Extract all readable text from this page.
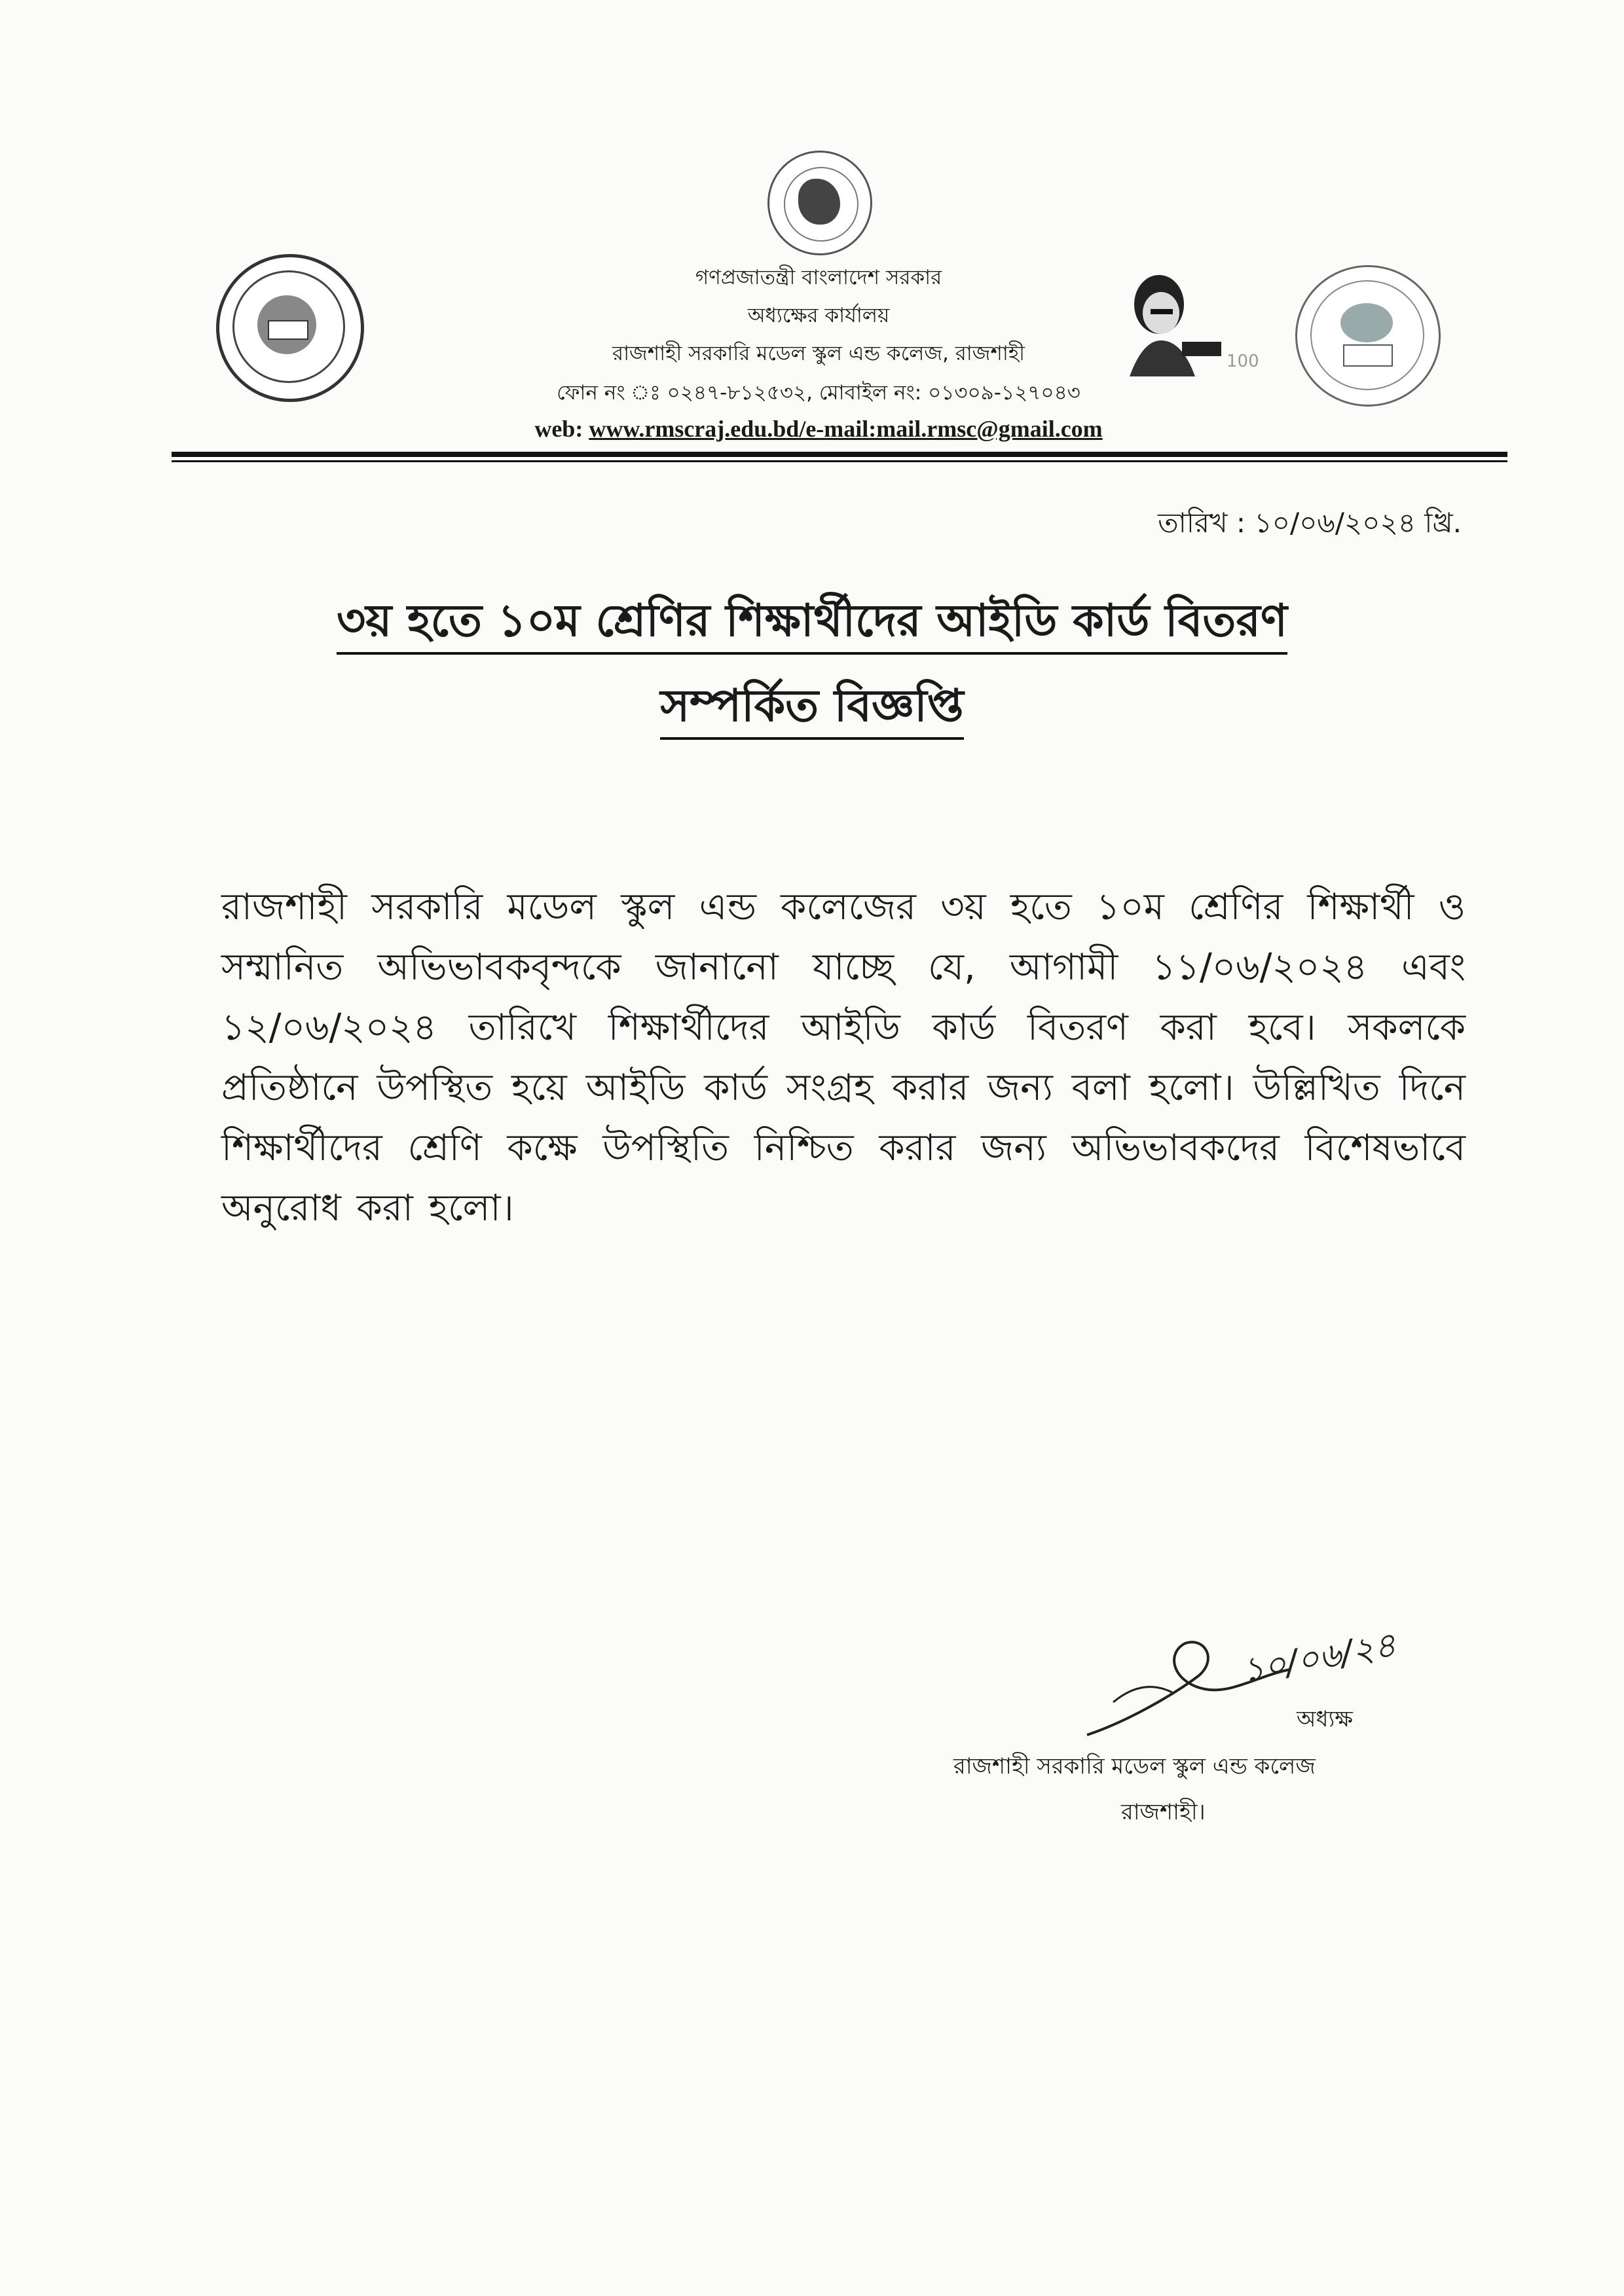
100
গণপ্রজাতন্ত্রী বাংলাদেশ সরকার
অধ্যক্ষের কার্যালয়
রাজশাহী সরকারি মডেল স্কুল এন্ড কলেজ, রাজশাহী
ফোন নং ঃ ০২৪৭-৮১২৫৩২, মোবাইল নং: ০১৩০৯-১২৭০৪৩
web: www.rmscraj.edu.bd/e-mail:mail.rmsc@gmail.com
তারিখ : ১০/০৬/২০২৪ খ্রি.
৩য় হতে ১০ম শ্রেণির শিক্ষার্থীদের আইডি কার্ড বিতরণ
সম্পর্কিত বিজ্ঞপ্তি
রাজশাহী সরকারি মডেল স্কুল এন্ড কলেজের ৩য় হতে ১০ম শ্রেণির শিক্ষার্থী ও সম্মানিত অভিভাবকবৃন্দকে জানানো যাচ্ছে যে, আগামী ১১/০৬/২০২৪ এবং ১২/০৬/২০২৪ তারিখে শিক্ষার্থীদের আইডি কার্ড বিতরণ করা হবে। সকলকে প্রতিষ্ঠানে উপস্থিত হয়ে আইডি কার্ড সংগ্রহ করার জন্য বলা হলো। উল্লিখিত দিনে শিক্ষার্থীদের শ্রেণি কক্ষে উপস্থিতি নিশ্চিত করার জন্য অভিভাবকদের বিশেষভাবে অনুরোধ করা হলো।
১০/০৬/২৪
অধ্যক্ষ
রাজশাহী সরকারি মডেল স্কুল এন্ড কলেজ
রাজশাহী।
